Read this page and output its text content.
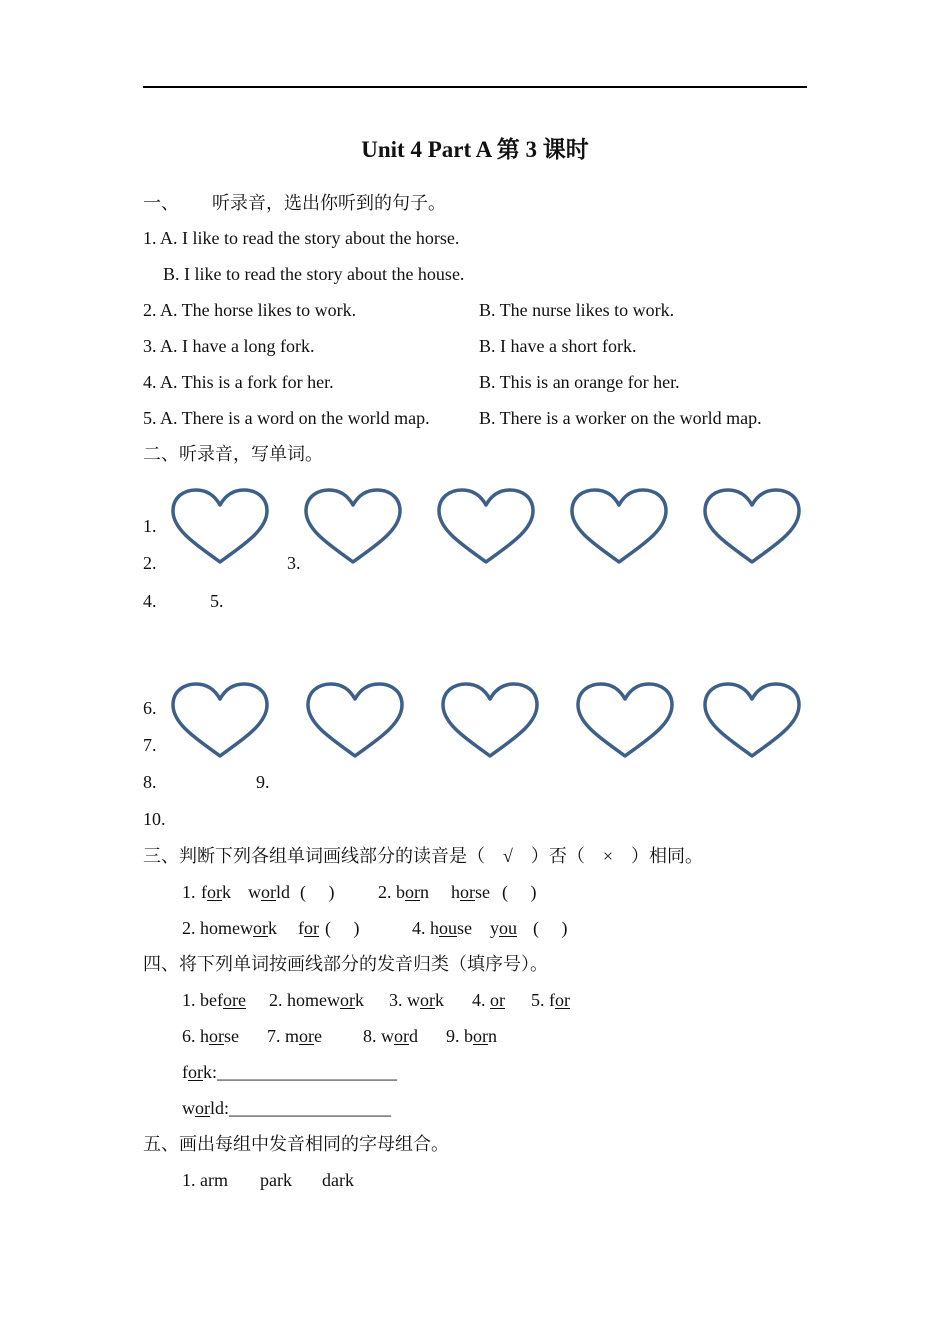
Unit 4 Part A 第 3 课时
一、 听录音，选出你听到的句子。
1. A. I like to read the story about the horse.
B. I like to read the story about the house.
2. A. The horse likes to work.	B. The nurse likes to work.
3. A. I have a long fork.	B. I have a short fork.
4. A. This is a fork for her.	B. This is an orange for her.
5. A. There is a word on the world map.	B. There is a worker on the world map.
二、听录音，写单词。
1.
2.	3.
4.	5.
6.
7.
8.	9.
10.
三、判断下列各组单词画线部分的读音是（　√　）否（　×　）相同。
1. fork world (　 ) 2. born horse (　 )
2. homework for (　 )	4. house you (　 )
四、将下列单词按画线部分的发音归类（填序号）。
1. before 2. homework 3. work 4. or 5. for
6. horse 7. more 8. word 9. born
fork:____________________
world:__________________
五、画出每组中发音相同的字母组合。
1. arm park dark
